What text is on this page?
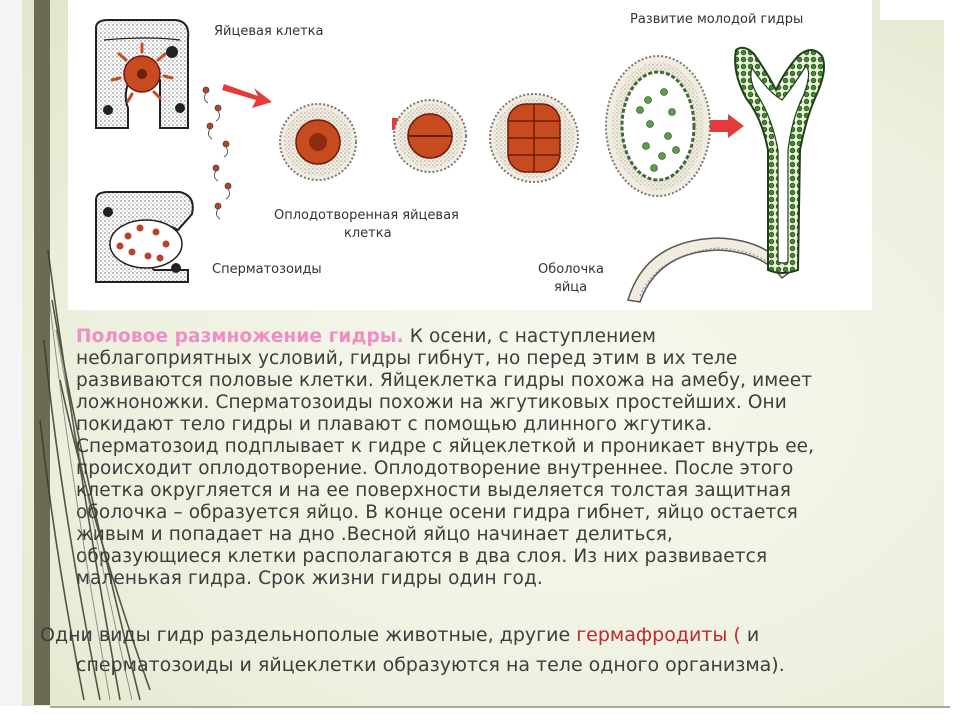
Яйцевая клетка
Развитие молодой гидры
Оплодотворенная яйцевая
клетка
Сперматозоиды	Оболочка
яйца
Половое размножение гидры. К осени, с наступлением
неблагоприятных условий, гидры гибнут, но перед этим в их теле
развиваются половые клетки. Яйцеклетка гидры похожа на амебу, имеет
ложноножки. Сперматозоиды похожи на жгутиковых простейших. Они
покидают тело гидры и плавают с помощью длинного жгутика.
Сперматозоид подплывает к гидре с яйцеклеткой и проникает внутрь ее,
происходит оплодотворение. Оплодотворение внутреннее. После этого
клетка округляется и на ее поверхности выделяется толстая защитная
оболочка – образуется яйцо. В конце осени гидра гибнет, яйцо остается
живым и попадает на дно .Весной яйцо начинает делиться,
образующиеся клетки располагаются в два слоя. Из них развивается
маленькая гидра. Срок жизни гидры один год.
Одни виды гидр раздельнополые животные, другие гермафродиты ( и
сперматозоиды и яйцеклетки образуются на теле одного организма).
